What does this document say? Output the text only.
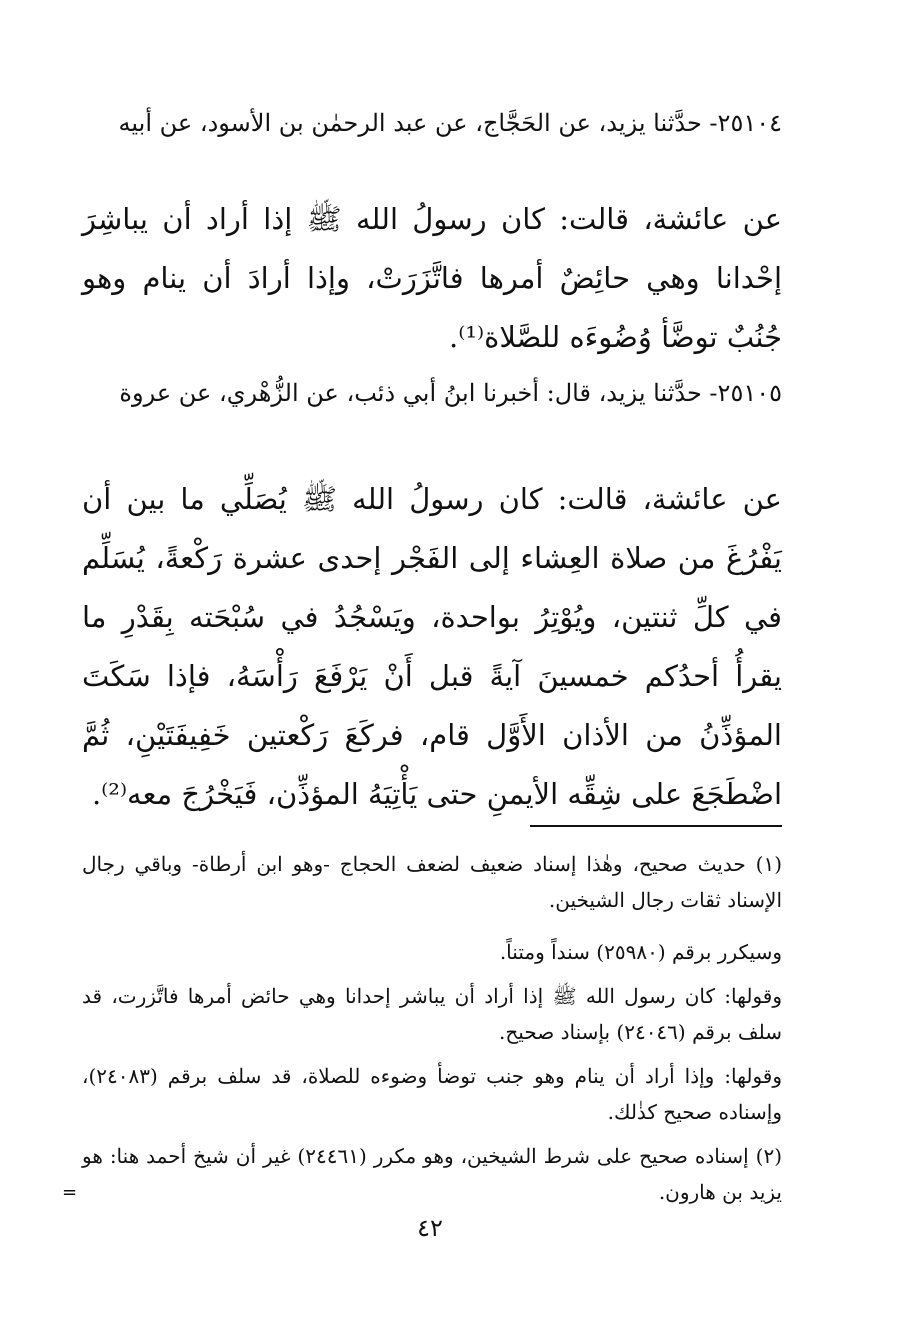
٢٥١٠٤- حدَّثنا يزيد، عن الحَجَّاج، عن عبد الرحمٰن بن الأسود، عن أبيه

عن عائشة، قالت: كان رسولُ الله ﷺ إذا أراد أن يباشِرَ إحْدانا وهي حائِضٌ أمرها فاتَّزَرَتْ، وإذا أرادَ أن ينام وهو جُنُبٌ توضَّأ وُضُوءَه للصَّلاة⁽¹⁾.

٢٥١٠٥- حدَّثنا يزيد، قال: أخبرنا ابنُ أبي ذئب، عن الزُّهْري، عن عروة

عن عائشة، قالت: كان رسولُ الله ﷺ يُصَلِّي ما بين أن يَفْرُغَ من صلاة العِشاء إلى الفَجْر إحدى عشرة رَكْعةً، يُسَلِّم في كلِّ ثنتين، ويُوْتِرُ بواحدة، ويَسْجُدُ في سُبْحَته بِقَدْرِ ما يقرأُ أحدُكم خمسينَ آيةً قبل أَنْ يَرْفَعَ رَأْسَهُ، فإذا سَكَتَ المؤذِّنُ من الأذان الأَوَّل قام، فركَعَ رَكْعتين خَفِيفَتَيْنِ، ثُمَّ اضْطَجَعَ على شِقِّه الأيمنِ حتى يَأْتِيَهُ المؤذِّن، فَيَخْرُجَ معه⁽²⁾.

(١) حديث صحيح، وهٰذا إسناد ضعيف لضعف الحجاج -وهو ابن أرطاة- وباقي رجال الإسناد ثقات رجال الشيخين.

وسيكرر برقم (٢٥٩٨٠) سنداً ومتناً.

وقولها: كان رسول الله ﷺ إذا أراد أن يباشر إحدانا وهي حائض أمرها فاتَّزرت، قد سلف برقم (٢٤٠٤٦) بإسناد صحيح.

وقولها: وإذا أراد أن ينام وهو جنب توضأ وضوءه للصلاة، قد سلف برقم (٢٤٠٨٣)، وإسناده صحيح كذٰلك.

(٢) إسناده صحيح على شرط الشيخين، وهو مكرر (٢٤٤٦١) غير أن شيخ أحمد هنا: هو يزيد بن هارون.

=
٤٢
